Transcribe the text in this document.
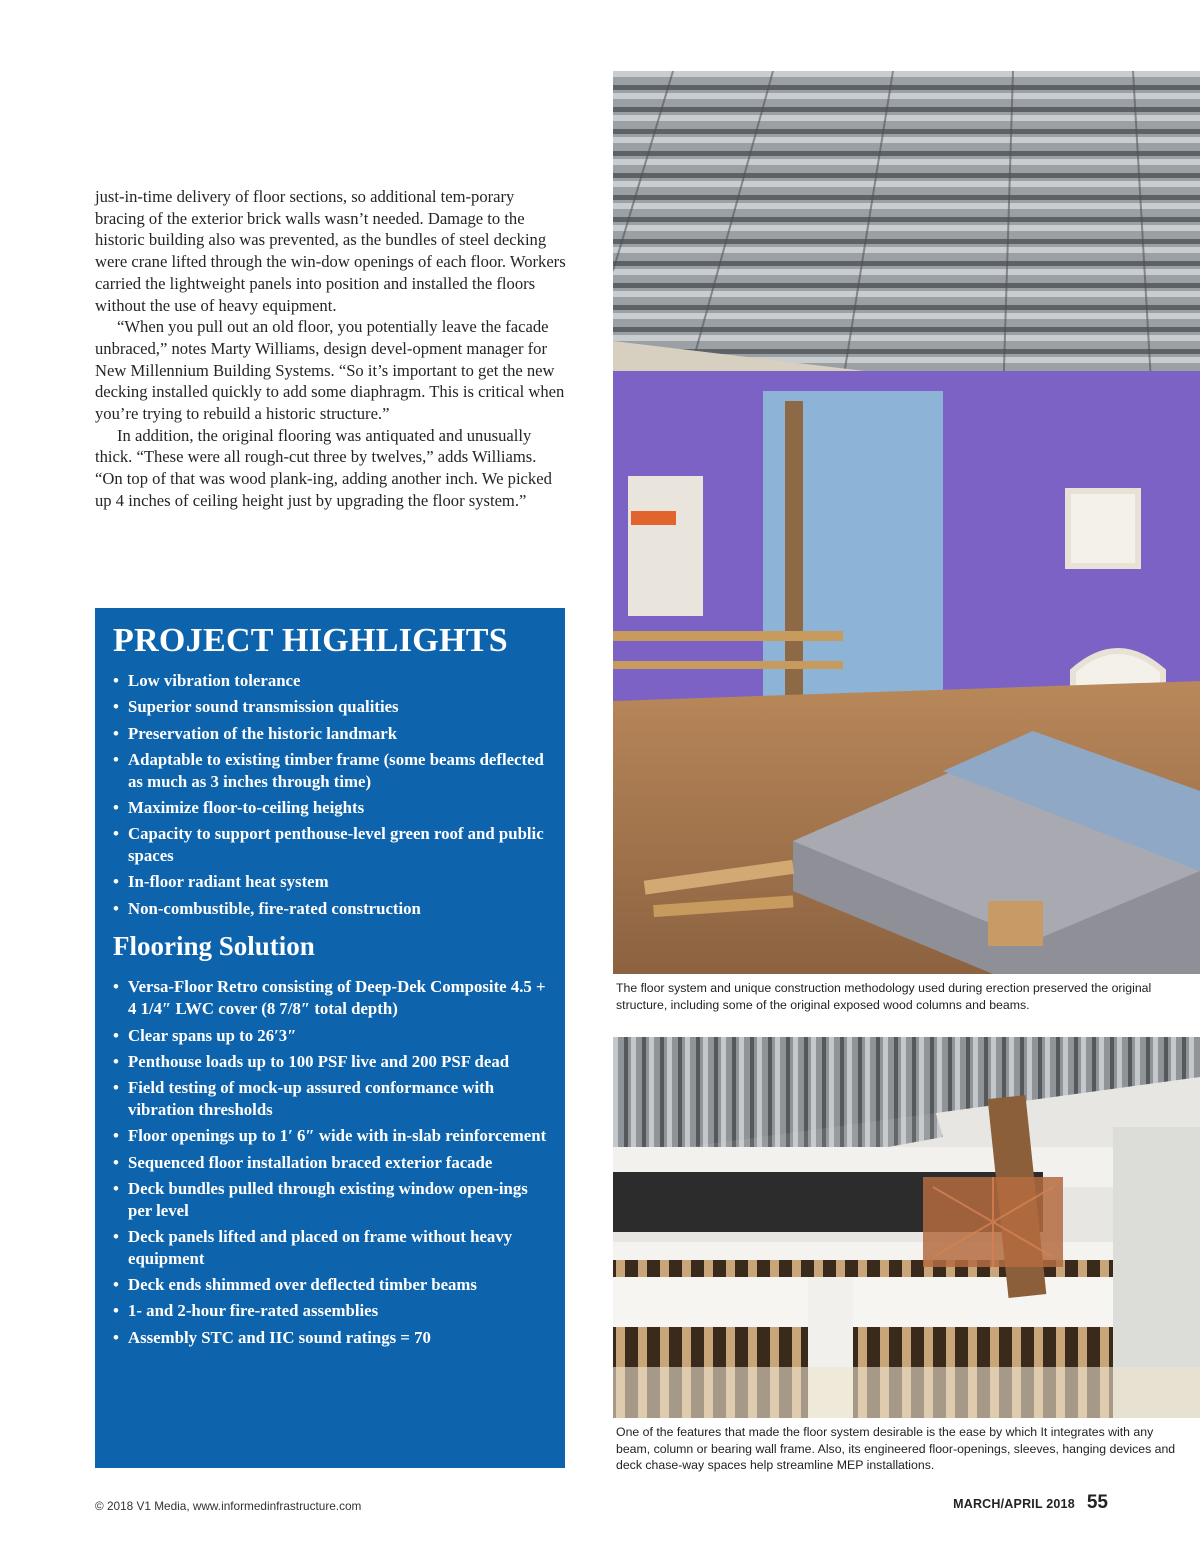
just-in-time delivery of floor sections, so additional tem-porary bracing of the exterior brick walls wasn’t needed. Damage to the historic building also was prevented, as the bundles of steel decking were crane lifted through the win-dow openings of each floor. Workers carried the lightweight panels into position and installed the floors without the use of heavy equipment.

“When you pull out an old floor, you potentially leave the facade unbraced,” notes Marty Williams, design devel-opment manager for New Millennium Building Systems. “So it’s important to get the new decking installed quickly to add some diaphragm. This is critical when you’re trying to rebuild a historic structure.”

In addition, the original flooring was antiquated and unusually thick. “These were all rough-cut three by twelves,” adds Williams. “On top of that was wood plank-ing, adding another inch. We picked up 4 inches of ceiling height just by upgrading the floor system.”

PROJECT HIGHLIGHTS
• Low vibration tolerance
• Superior sound transmission qualities
• Preservation of the historic landmark
• Adaptable to existing timber frame (some beams deflected as much as 3 inches through time)
• Maximize floor-to-ceiling heights
• Capacity to support penthouse-level green roof and public spaces
• In-floor radiant heat system
• Non-combustible, fire-rated construction
Flooring Solution
• Versa-Floor Retro consisting of Deep-Dek Composite 4.5 + 4 1/4″ LWC cover (8 7/8″ total depth)
• Clear spans up to 26′3″
• Penthouse loads up to 100 PSF live and 200 PSF dead
• Field testing of mock-up assured conformance with vibration thresholds
• Floor openings up to 1′ 6″ wide with in-slab reinforcement
• Sequenced floor installation braced exterior facade
• Deck bundles pulled through existing window open-ings per level
• Deck panels lifted and placed on frame without heavy equipment
• Deck ends shimmed over deflected timber beams
• 1- and 2-hour fire-rated assemblies
• Assembly STC and IIC sound ratings = 70
The floor system and unique construction methodology used during erection preserved the original structure, including some of the original exposed wood columns and beams.
One of the features that made the floor system desirable is the ease by which It integrates with any beam, column or bearing wall frame. Also, its engineered floor-openings, sleeves, hanging devices and deck chase-way spaces help streamline MEP installations.
© 2018 V1 Media, www.informedinfrastructure.com	MARCH/APRIL 2018 55
